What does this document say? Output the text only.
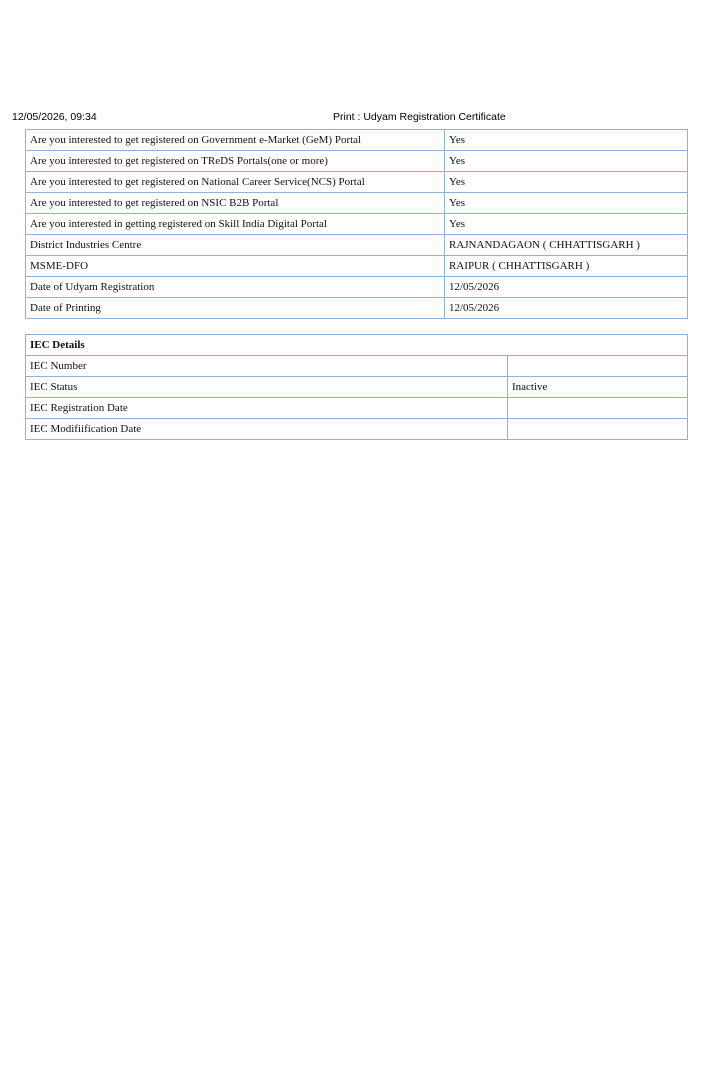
12/05/2026, 09:34	Print : Udyam Registration Certificate
Are you interested to get registered on Government e-Market (GeM) Portal	Yes
Are you interested to get registered on TReDS Portals(one or more)	Yes
Are you interested to get registered on National Career Service(NCS) Portal	Yes
Are you interested to get registered on NSIC B2B Portal	Yes
Are you interested in getting registered on Skill India Digital Portal	Yes
District Industries Centre	RAJNANDAGAON ( CHHATTISGARH )
MSME-DFO	RAIPUR ( CHHATTISGARH )
Date of Udyam Registration	12/05/2026
Date of Printing	12/05/2026
IEC Details	
IEC Number	
IEC Status	Inactive
IEC Registration Date	
IEC Modifiification Date	
